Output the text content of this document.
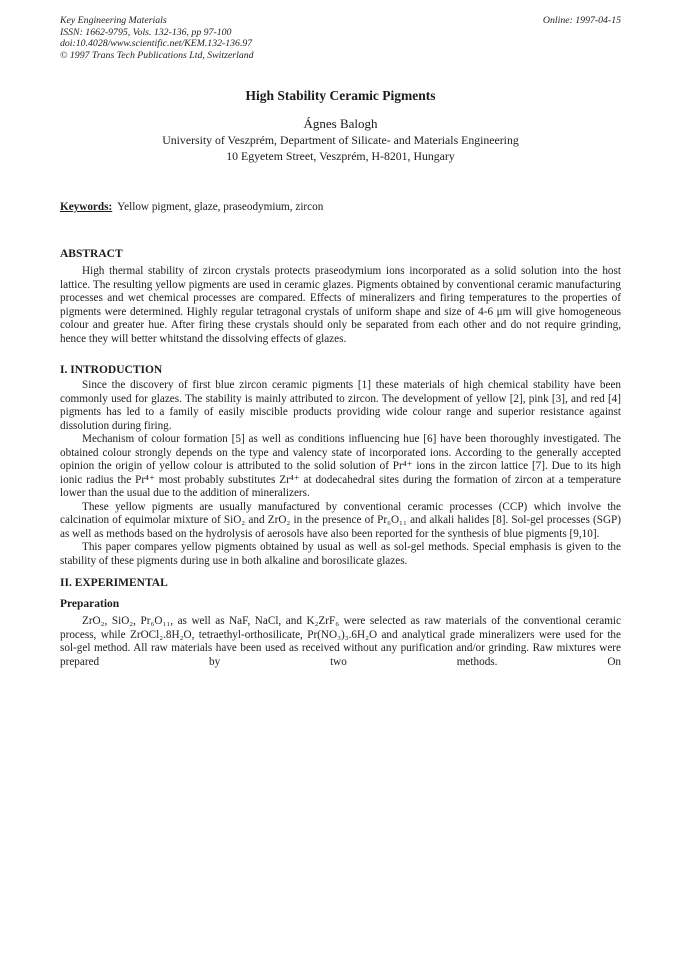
Key Engineering Materials
ISSN: 1662-9795, Vols. 132-136, pp 97-100
doi:10.4028/www.scientific.net/KEM.132-136.97
© 1997 Trans Tech Publications Ltd, Switzerland
Online: 1997-04-15
High Stability Ceramic Pigments
Ágnes Balogh
University of Veszprém, Department of Silicate- and Materials Engineering
10 Egyetem Street, Veszprém, H-8201, Hungary
Keywords: Yellow pigment, glaze, praseodymium, zircon
ABSTRACT

High thermal stability of zircon crystals protects praseodymium ions incorporated as a solid solution into the host lattice. The resulting yellow pigments are used in ceramic glazes. Pigments obtained by conventional ceramic manufacturing processes and wet chemical processes are compared. Effects of mineralizers and firing temperatures to the properties of pigments were determined. Highly regular tetragonal crystals of uniform shape and size of 4-6 μm will give homogeneous colour and greater hue. After firing these crystals should only be separated from each other and do not require grinding, hence they will better whitstand the dissolving effects of glazes.

I. INTRODUCTION

Since the discovery of first blue zircon ceramic pigments [1] these materials of high chemical stability have been commonly used for glazes. The stability is mainly attributed to zircon. The development of yellow [2], pink [3], and red [4] pigments has led to a family of easily miscible products providing wide colour range and superior resistance against dissolution during firing.

Mechanism of colour formation [5] as well as conditions influencing hue [6] have been thoroughly investigated. The obtained colour strongly depends on the type and valency state of incorporated ions. According to the generally accepted opinion the origin of yellow colour is attributed to the solid solution of Pr⁴⁺ ions in the zircon lattice [7]. Due to its high ionic radius the Pr⁴⁺ most probably substitutes Zr⁴⁺ at dodecahedral sites during the formation of zircon at a temperature lower than the usual due to the addition of mineralizers.

These yellow pigments are usually manufactured by conventional ceramic processes (CCP) which involve the calcination of equimolar mixture of SiO₂ and ZrO₂ in the presence of Pr₆O₁₁ and alkali halides [8]. Sol-gel processes (SGP) as well as methods based on the hydrolysis of aerosols have also been reported for the synthesis of blue pigments [9,10].

This paper compares yellow pigments obtained by usual as well as sol-gel methods. Special emphasis is given to the stability of these pigments during use in both alkaline and borosilicate glazes.

II. EXPERIMENTAL
Preparation

ZrO₂, SiO₂, Pr₆O₁₁, as well as NaF, NaCl, and K₂ZrF₆ were selected as raw materials of the conventional ceramic process, while ZrOCl₂.8H₂O, tetraethyl-orthosilicate, Pr(NO₃)₃.6H₂O and analytical grade mineralizers were used for the sol-gel method. All raw materials have been used as received without any purification and/or grinding. Raw mixtures were prepared by two methods. On
